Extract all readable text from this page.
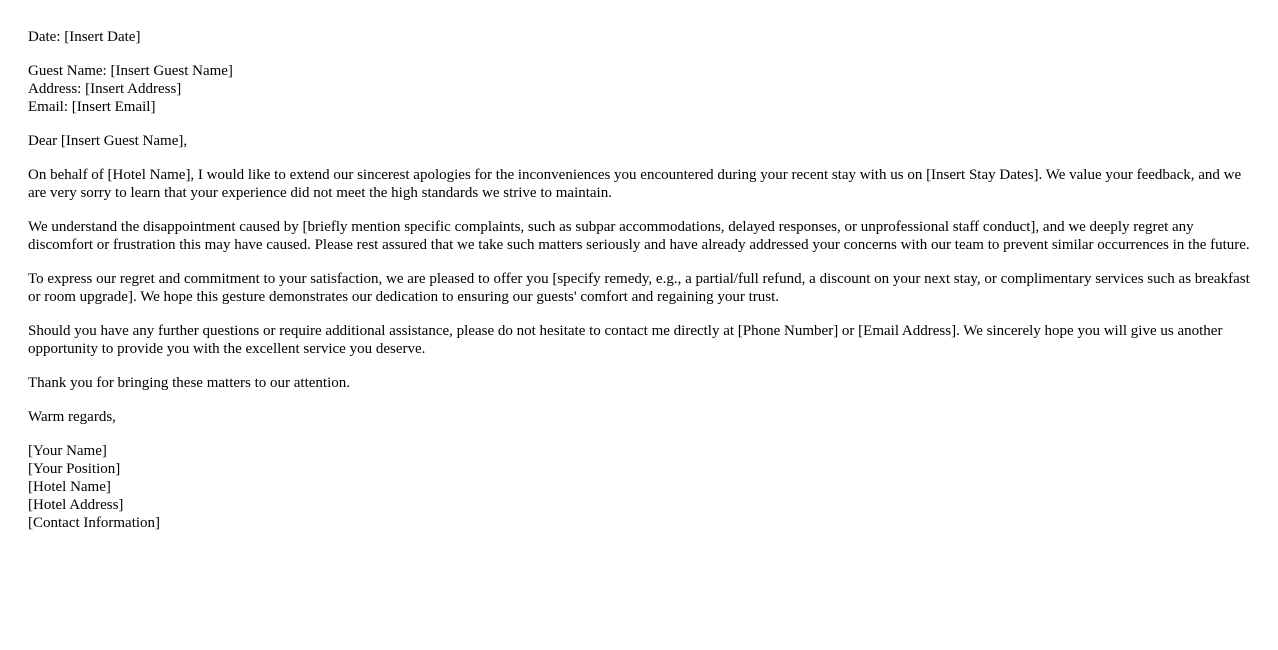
Date: [Insert Date]

Guest Name: [Insert Guest Name]
Address: [Insert Address]
Email: [Insert Email]

Dear [Insert Guest Name],

On behalf of [Hotel Name], I would like to extend our sincerest apologies for the inconveniences you encountered during your recent stay with us on [Insert Stay Dates]. We value your feedback, and we are very sorry to learn that your experience did not meet the high standards we strive to maintain.

We understand the disappointment caused by [briefly mention specific complaints, such as subpar accommodations, delayed responses, or unprofessional staff conduct], and we deeply regret any discomfort or frustration this may have caused. Please rest assured that we take such matters seriously and have already addressed your concerns with our team to prevent similar occurrences in the future.

To express our regret and commitment to your satisfaction, we are pleased to offer you [specify remedy, e.g., a partial/full refund, a discount on your next stay, or complimentary services such as breakfast or room upgrade]. We hope this gesture demonstrates our dedication to ensuring our guests' comfort and regaining your trust.

Should you have any further questions or require additional assistance, please do not hesitate to contact me directly at [Phone Number] or [Email Address]. We sincerely hope you will give us another opportunity to provide you with the excellent service you deserve.

Thank you for bringing these matters to our attention.

Warm regards,

[Your Name]
[Your Position]
[Hotel Name]
[Hotel Address]
[Contact Information]
